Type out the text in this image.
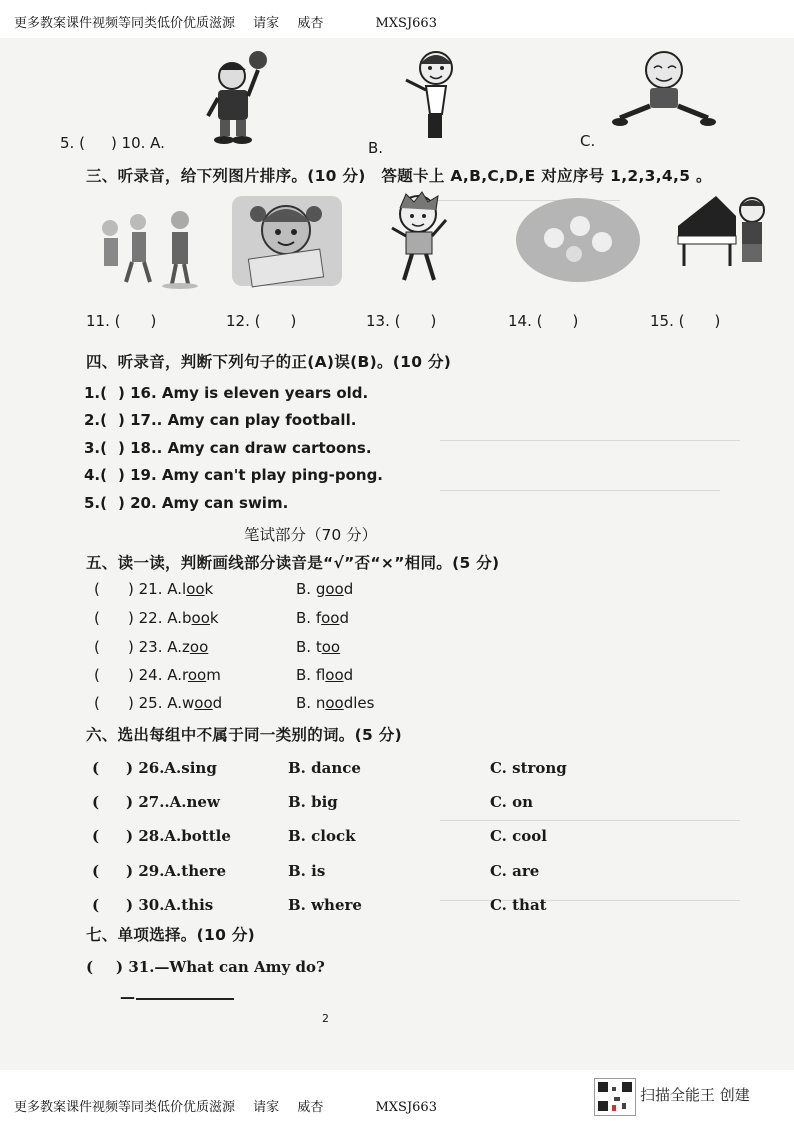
更多教案课件视频等同类低价优质滋源 请家 威杏	MXSJ663
5. ( ) 10. A.	B.	C.
三、听录音，给下列图片排序。(10 分)　答题卡上 A,B,C,D,E 对应序号 1,2,3,4,5 。
11. (　　)	12. (　　)	13. (　　)	14. (　　)	15. (　　)
四、听录音，判断下列句子的正(A)误(B)。(10 分)
1.( ) 16. Amy is eleven years old.
2.( ) 17.. Amy can play football.
3.( ) 18.. Amy can draw cartoons.
4.( ) 19. Amy can't play ping-pong.
5.( ) 20. Amy can swim.
笔试部分（70 分）
五、读一读，判断画线部分读音是“√”否“×”相同。(5 分)
( ) 21. A.look	B. good
( ) 22. A.book	B. food
( ) 23. A.zoo	B. too
( ) 24. A.room	B. flood
( ) 25. A.wood	B. noodles
六、选出每组中不属于同一类别的词。(5 分)
( ) 26.A.sing	B. dance	C. strong
( ) 27..A.new	B. big	C. on
( ) 28.A.bottle	B. clock	C. cool
( ) 29.A.there	B. is	C. are
( ) 30.A.this	B. where	C. that
七、单项选择。(10 分)
( ) 31.—What can Amy do?
—
2
更多教案课件视频等同类低价优质滋源 请家 威杏	MXSJ663
扫描全能王 创建
